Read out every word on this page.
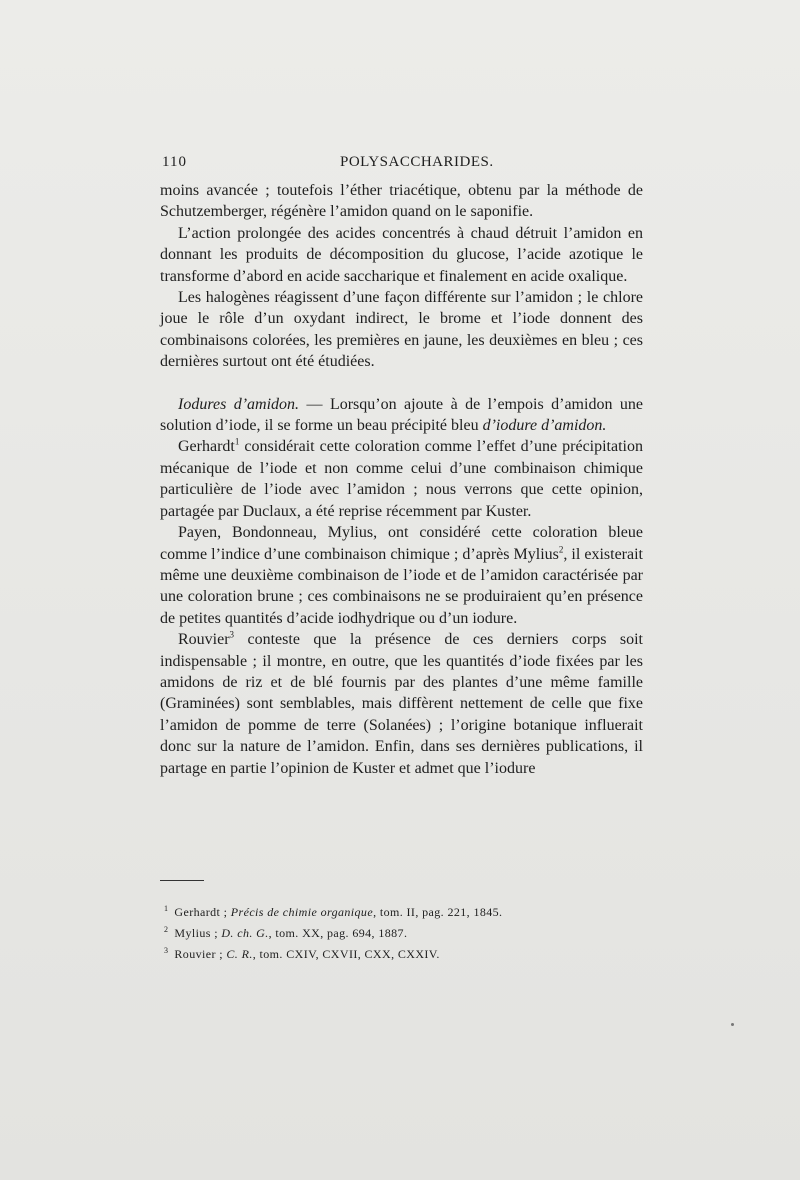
110	POLYSACCHARIDES.

moins avancée ; toutefois l’éther triacétique, obtenu par la méthode de Schutzemberger, régénère l’amidon quand on le saponifie.

L’action prolongée des acides concentrés à chaud détruit l’amidon en donnant les produits de décomposition du glucose, l’acide azotique le transforme d’abord en acide saccharique et finalement en acide oxalique.

Les halogènes réagissent d’une façon différente sur l’amidon ; le chlore joue le rôle d’un oxydant indirect, le brome et l’iode donnent des combinaisons colorées, les premières en jaune, les deuxièmes en bleu ; ces dernières surtout ont été étudiées.

Iodures d’amidon. — Lorsqu’on ajoute à de l’empois d’amidon une solution d’iode, il se forme un beau précipité bleu d’iodure d’amidon.

Gerhardt$^1$ considérait cette coloration comme l’effet d’une précipitation mécanique de l’iode et non comme celui d’une combinaison chimique particulière de l’iode avec l’amidon ; nous verrons que cette opinion, partagée par Duclaux, a été reprise récemment par Kuster.

Payen, Bondonneau, Mylius, ont considéré cette coloration bleue comme l’indice d’une combinaison chimique ; d’après Mylius$^2$, il existerait même une deuxième combinaison de l’iode et de l’amidon caractérisée par une coloration brune ; ces combinaisons ne se produiraient qu’en présence de petites quantités d’acide iodhydrique ou d’un iodure.

Rouvier$^3$ conteste que la présence de ces derniers corps soit indispensable ; il montre, en outre, que les quantités d’iode fixées par les amidons de riz et de blé fournis par des plantes d’une même famille (Graminées) sont semblables, mais diffèrent nettement de celle que fixe l’amidon de pomme de terre (Solanées) ; l’origine botanique influerait donc sur la nature de l’amidon. Enfin, dans ses dernières publications, il partage en partie l’opinion de Kuster et admet que l’iodure

$^1$ Gerhardt ; Précis de chimie organique, tom. II, pag. 221, 1845.
$^2$ Mylius ; D. ch. G., tom. XX, pag. 694, 1887.
$^3$ Rouvier ; C. R., tom. CXIV, CXVII, CXX, CXXIV.
